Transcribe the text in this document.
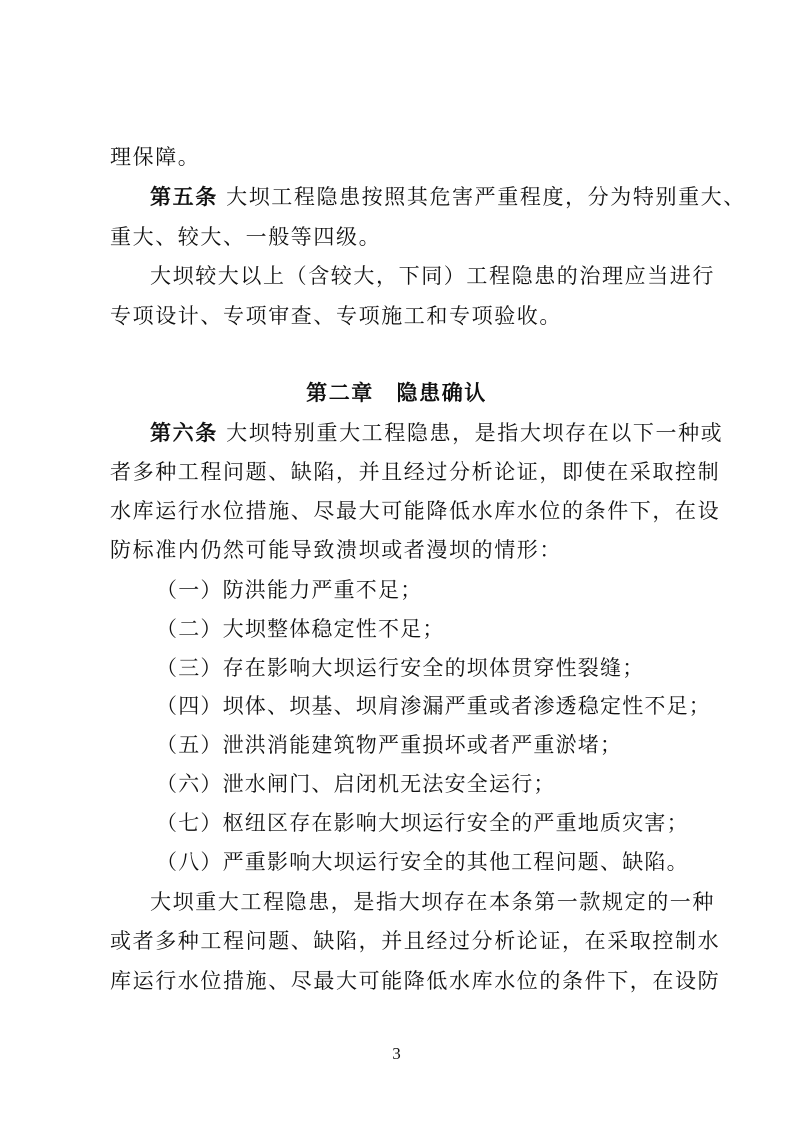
理保障。
第五条 大坝工程隐患按照其危害严重程度，分为特别重大、
重大、较大、一般等四级。
大坝较大以上（含较大，下同）工程隐患的治理应当进行
专项设计、专项审查、专项施工和专项验收。
第二章　隐患确认
第六条 大坝特别重大工程隐患，是指大坝存在以下一种或
者多种工程问题、缺陷，并且经过分析论证，即使在采取控制
水库运行水位措施、尽最大可能降低水库水位的条件下，在设
防标准内仍然可能导致溃坝或者漫坝的情形：
（一）防洪能力严重不足；
（二）大坝整体稳定性不足；
（三）存在影响大坝运行安全的坝体贯穿性裂缝；
（四）坝体、坝基、坝肩渗漏严重或者渗透稳定性不足；
（五）泄洪消能建筑物严重损坏或者严重淤堵；
（六）泄水闸门、启闭机无法安全运行；
（七）枢纽区存在影响大坝运行安全的严重地质灾害；
（八）严重影响大坝运行安全的其他工程问题、缺陷。
大坝重大工程隐患，是指大坝存在本条第一款规定的一种
或者多种工程问题、缺陷，并且经过分析论证，在采取控制水
库运行水位措施、尽最大可能降低水库水位的条件下，在设防
3
